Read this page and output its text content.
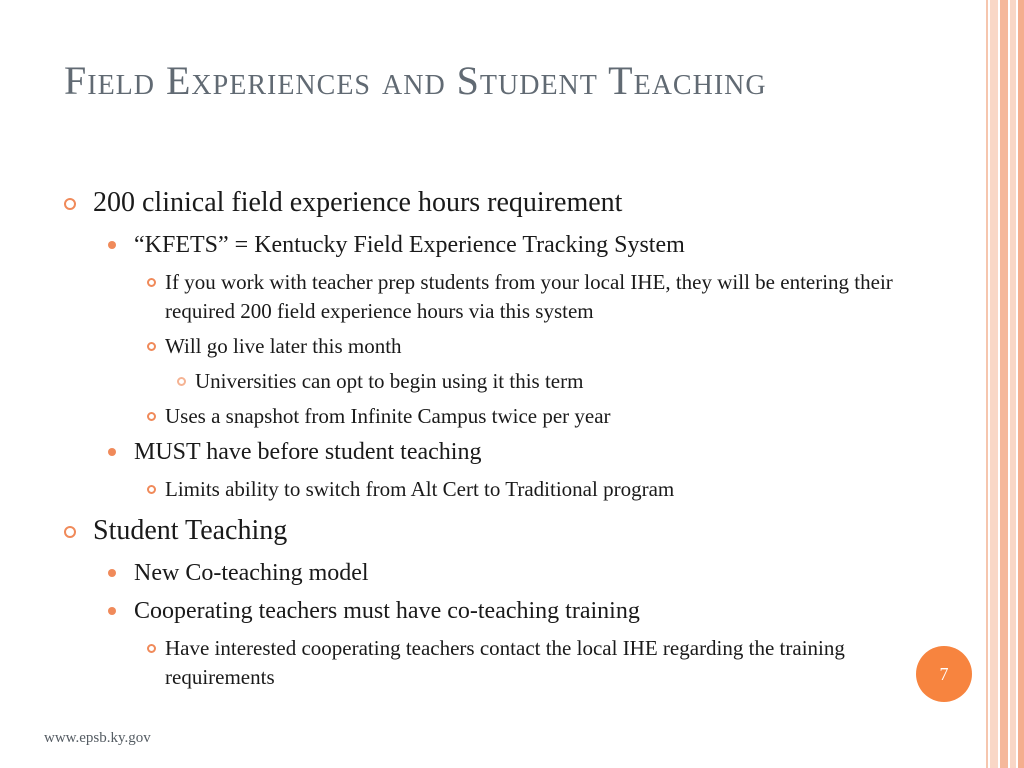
Field Experiences and Student Teaching
200 clinical field experience hours requirement
“KFETS” = Kentucky Field Experience Tracking System
If you work with teacher prep students from your local IHE, they will be entering their required 200 field experience hours via this system
Will go live later this month
Universities can opt to begin using it this term
Uses a snapshot from Infinite Campus twice per year
MUST have before student teaching
Limits ability to switch from Alt Cert to Traditional program
Student Teaching
New Co-teaching model
Cooperating teachers must have co-teaching training
Have interested cooperating teachers contact the local IHE regarding the training requirements	7
www.epsb.ky.gov
